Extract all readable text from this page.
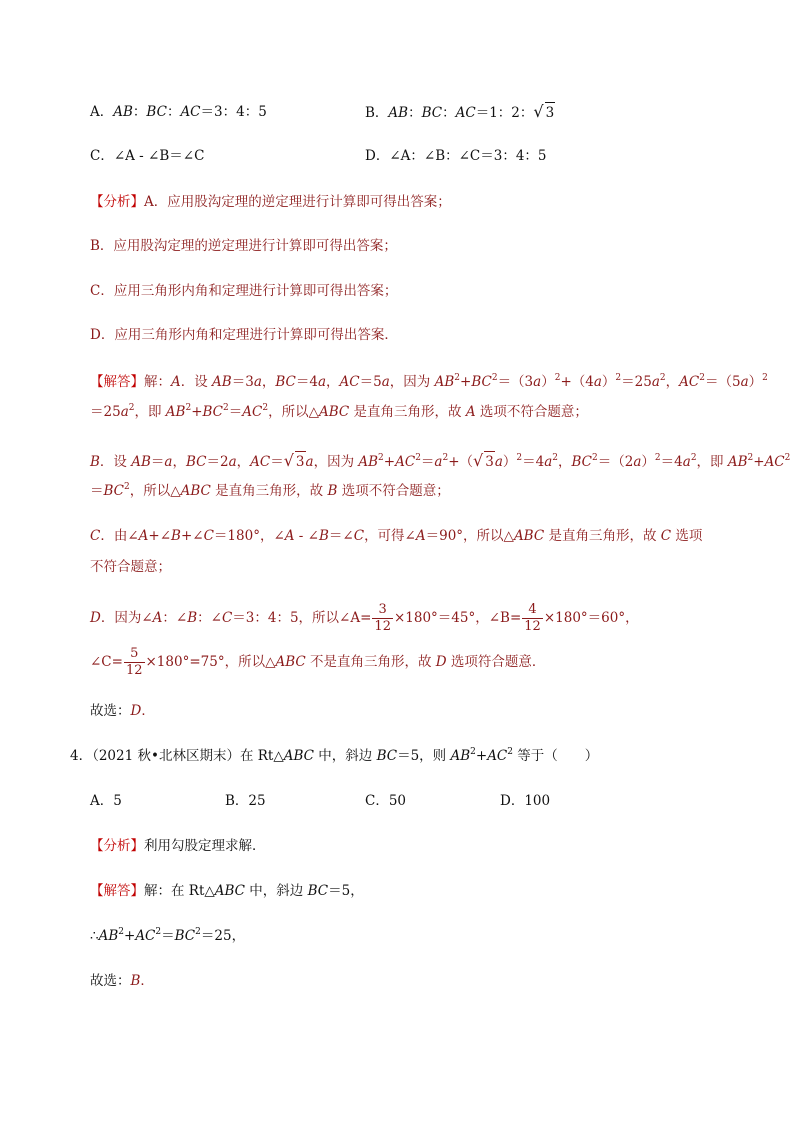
A．AB：BC：AC＝3：4：5	B．AB：BC：AC＝1：2：√ 3
C．∠A - ∠B＝∠C	D．∠A：∠B：∠C＝3：4：5
【分析】A．应用股沟定理的逆定理进行计算即可得出答案；
B．应用股沟定理的逆定理进行计算即可得出答案；
C．应用三角形内角和定理进行计算即可得出答案；
D．应用三角形内角和定理进行计算即可得出答案．
【解答】解：A．设 AB＝3a，BC＝4a，AC＝5a，因为 $AB^2+BC^2=(3a)^2+(4a)^2=25a^2$，$AC^2=(5a)^2$
$=25a^2$，即 $AB^2+BC^2=AC^2$，所以△ABC 是直角三角形，故 A 选项不符合题意；
B．设 AB＝a，BC＝2a，AC＝√ 3a，因为 $AB^2+AC^2=a^2+(√$ $3a)^2=4a^2$，$BC^2=(2a)^2=4a^2$，即 $AB^2+AC^2$
$=BC^2$，所以△ABC 是直角三角形，故 B 选项不符合题意；
C．由∠A+∠B+∠C＝180°，∠A - ∠B＝∠C，可得∠A＝90°，所以△ABC 是直角三角形，故 C 选项
不符合题意；
D．因为∠A：∠B：∠C＝3：4：5，所以∠A= $\frac{3}{12} \times 180^\circ=45^\circ$，∠B= $\frac{4}{12} \times 180^\circ=60^\circ$，
∠C= $\frac{5}{12} \times 180^\circ=75^\circ$，所以△ABC 不是直角三角形，故 D 选项符合题意．
故选：D．
4．（2021 秋•北林区期末）在 Rt△ABC 中，斜边 BC＝5，则 $AB^2+AC^2$ 等于（　　）
A．5	B．25	C．50	D．100
【分析】利用勾股定理求解．
【解答】解：在 Rt△ABC 中，斜边 BC＝5，
$\therefore AB^2+AC^2=BC^2=25$，
故选：B．
